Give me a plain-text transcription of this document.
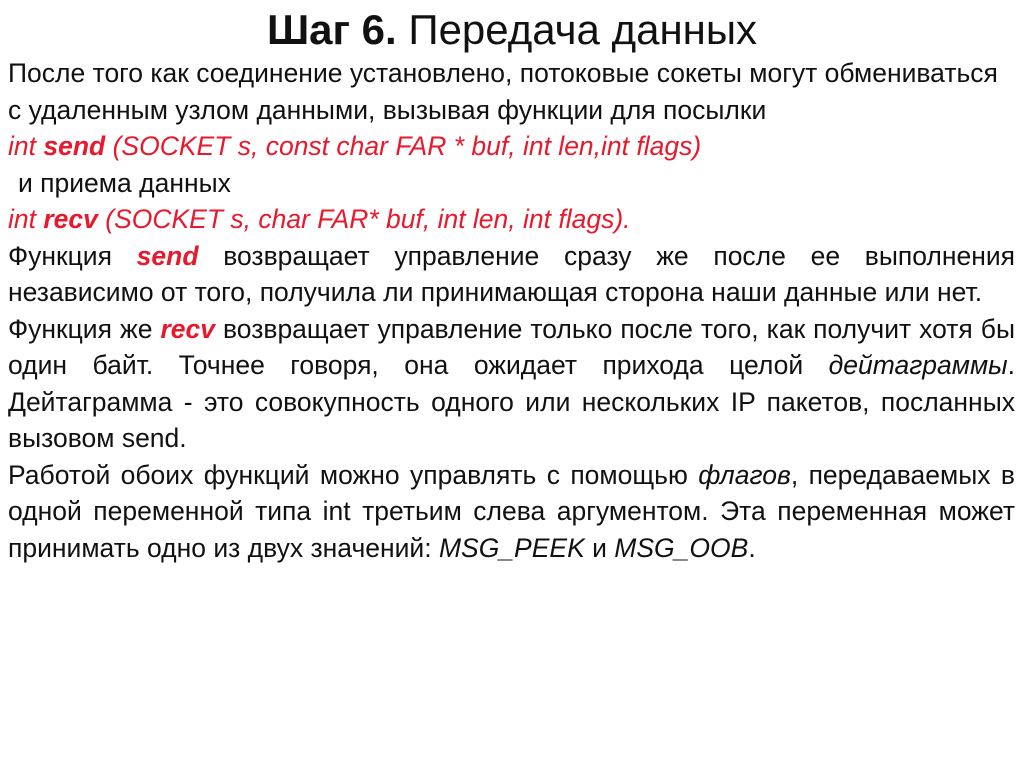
Шаг 6. Передача данных

После того как соединение установлено, потоковые сокеты могут обмениваться с удаленным узлом данными, вызывая функции для посылки

int send (SOCKET s, const char FAR * buf, int len,int flags)

и приема данных

int recv (SOCKET s, char FAR* buf, int len, int flags).

Функция send возвращает управление сразу же после ее выполнения независимо от того, получила ли принимающая сторона наши данные или нет.

Функция же recv возвращает управление только после того, как получит хотя бы один байт. Точнее говоря, она ожидает прихода целой дейтаграммы. Дейтаграмма - это совокупность одного или нескольких IP пакетов, посланных вызовом send.

Работой обоих функций можно управлять с помощью флагов, передаваемых в одной переменной типа int третьим слева аргументом. Эта переменная может принимать одно из двух значений: MSG_PEEK и MSG_OOB.
